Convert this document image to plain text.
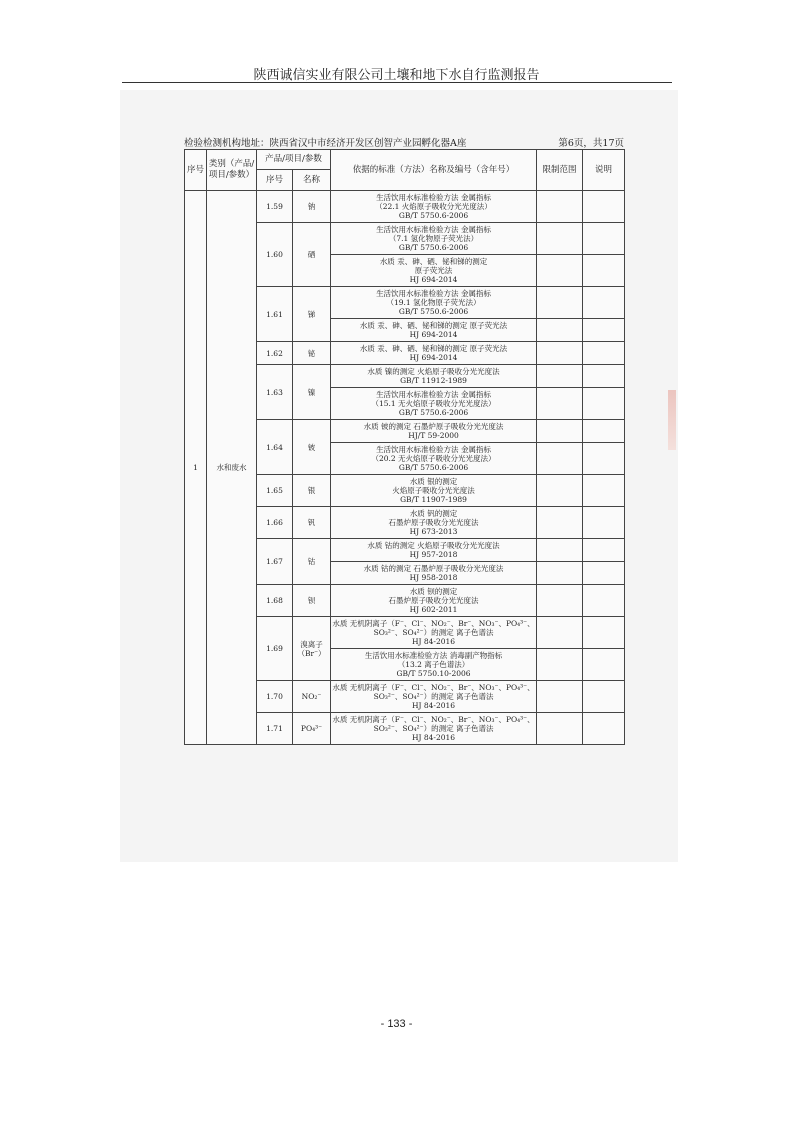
陕西诚信实业有限公司土壤和地下水自行监测报告
检验检测机构地址：陕西省汉中市经济开发区创智产业园孵化器A座	第6页，共17页
序号	类别（产品/项目/参数）	产品/项目/参数		依据的标准（方法）名称及编号（含年号）	限制范围	说明
		序号	名称			
1	水和废水	1.59	钠	生活饮用水标准检验方法 金属指标
（22.1 火焰原子吸收分光光度法）
GB/T 5750.6-2006		
		1.60	硒	生活饮用水标准检验方法 金属指标
（7.1 氢化物原子荧光法）
GB/T 5750.6-2006		
				水质 汞、砷、硒、铋和锑的测定
原子荧光法
HJ 694-2014		
		1.61	锑	生活饮用水标准检验方法 金属指标
（19.1 氢化物原子荧光法）
GB/T 5750.6-2006		
				水质 汞、砷、硒、铋和锑的测定 原子荧光法
HJ 694-2014		
		1.62	铋	水质 汞、砷、硒、铋和锑的测定 原子荧光法
HJ 694-2014		
		1.63	镍	水质 镍的测定 火焰原子吸收分光光度法
GB/T 11912-1989		
				生活饮用水标准检验方法 金属指标
（15.1 无火焰原子吸收分光光度法）
GB/T 5750.6-2006		
		1.64	铍	水质 铍的测定 石墨炉原子吸收分光光度法
HJ/T 59-2000		
				生活饮用水标准检验方法 金属指标
（20.2 无火焰原子吸收分光光度法）
GB/T 5750.6-2006		
		1.65	银	水质 银的测定
火焰原子吸收分光光度法
GB/T 11907-1989		
		1.66	钒	水质 钒的测定
石墨炉原子吸收分光光度法
HJ 673-2013		
		1.67	钴	水质 钴的测定 火焰原子吸收分光光度法
HJ 957-2018		
				水质 钴的测定 石墨炉原子吸收分光光度法
HJ 958-2018		
		1.68	钡	水质 钡的测定
石墨炉原子吸收分光光度法
HJ 602-2011		
		1.69	溴离子
（Br⁻）	水质 无机阴离子（F⁻、Cl⁻、NO₂⁻、Br⁻、NO₃⁻、PO₄³⁻、
SO₃²⁻、SO₄²⁻）的测定 离子色谱法
HJ 84-2016		
				生活饮用水标准检验方法 消毒副产物指标
（13.2 离子色谱法）
GB/T 5750.10-2006		
		1.70	NO₂⁻	水质 无机阴离子（F⁻、Cl⁻、NO₂⁻、Br⁻、NO₃⁻、PO₄³⁻、
SO₃²⁻、SO₄²⁻）的测定 离子色谱法
HJ 84-2016		
		1.71	PO₄³⁻	水质 无机阴离子（F⁻、Cl⁻、NO₂⁻、Br⁻、NO₃⁻、PO₄³⁻、
SO₃²⁻、SO₄²⁻）的测定 离子色谱法
HJ 84-2016		
- 133 -
